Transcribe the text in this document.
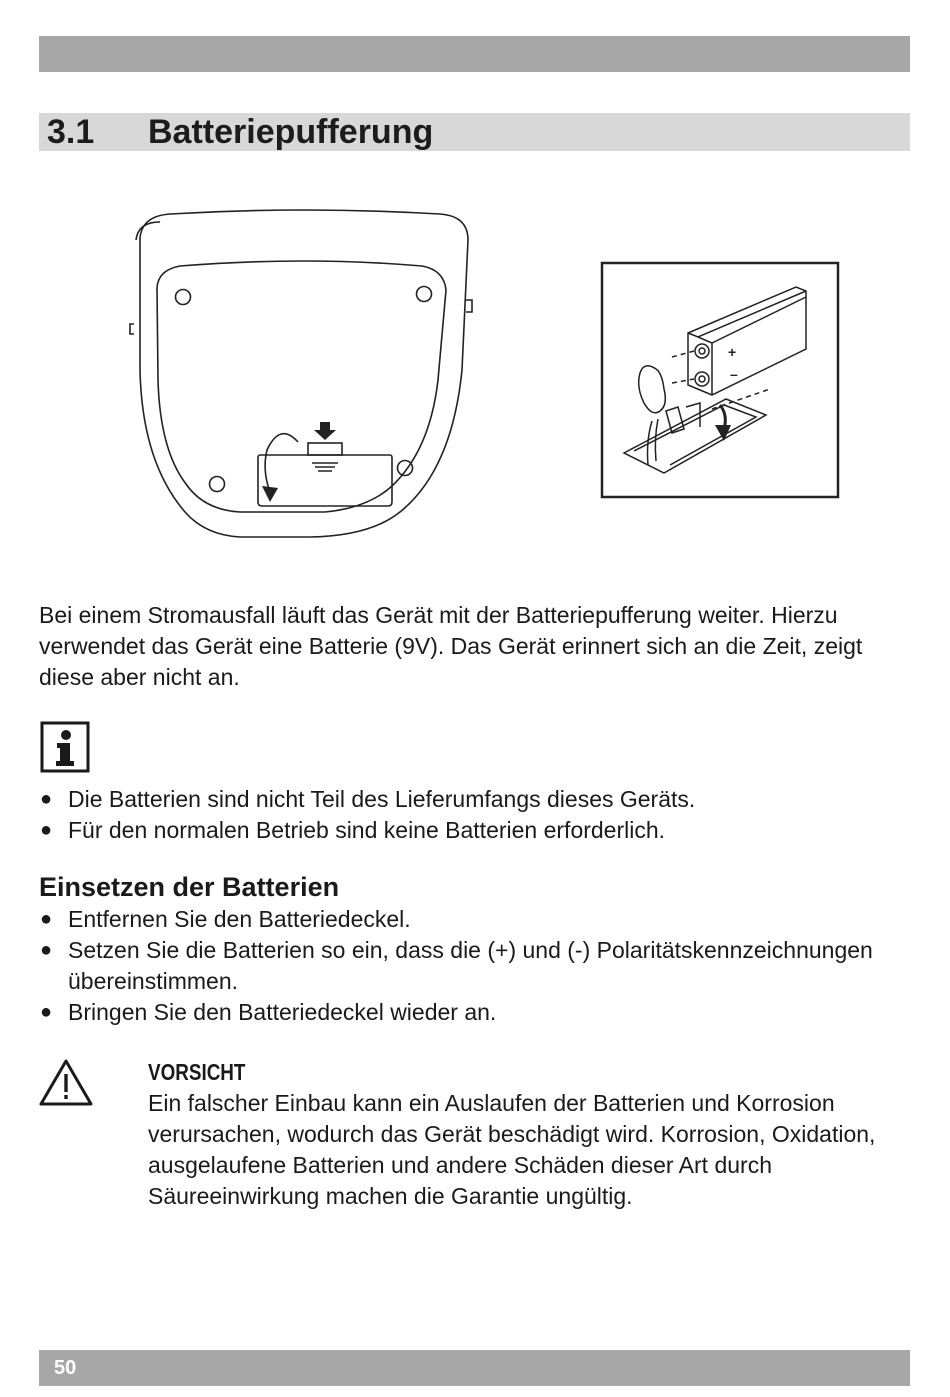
3.1 Batteriepufferung
+
–

Bei einem Stromausfall läuft das Gerät mit der Batteriepufferung weiter. Hierzu verwendet das Gerät eine Batterie (9V). Das Gerät erinnert sich an die Zeit, zeigt diese aber nicht an.

● Die Batterien sind nicht Teil des Lieferumfangs dieses Geräts.
● Für den normalen Betrieb sind keine Batterien erforderlich.
Einsetzen der Batterien
● Entfernen Sie den Batteriedeckel.
● Setzen Sie die Batterien so ein, dass die (+) und (-) Polaritätskennzeichnungen übereinstimmen.
● Bringen Sie den Batteriedeckel wieder an.
VORSICHT

Ein falscher Einbau kann ein Auslaufen der Batterien und Korrosion verursachen, wodurch das Gerät beschädigt wird. Korrosion, Oxidation, ausgelaufene Batterien und andere Schäden dieser Art durch Säureeinwirkung machen die Garantie ungültig.

50
